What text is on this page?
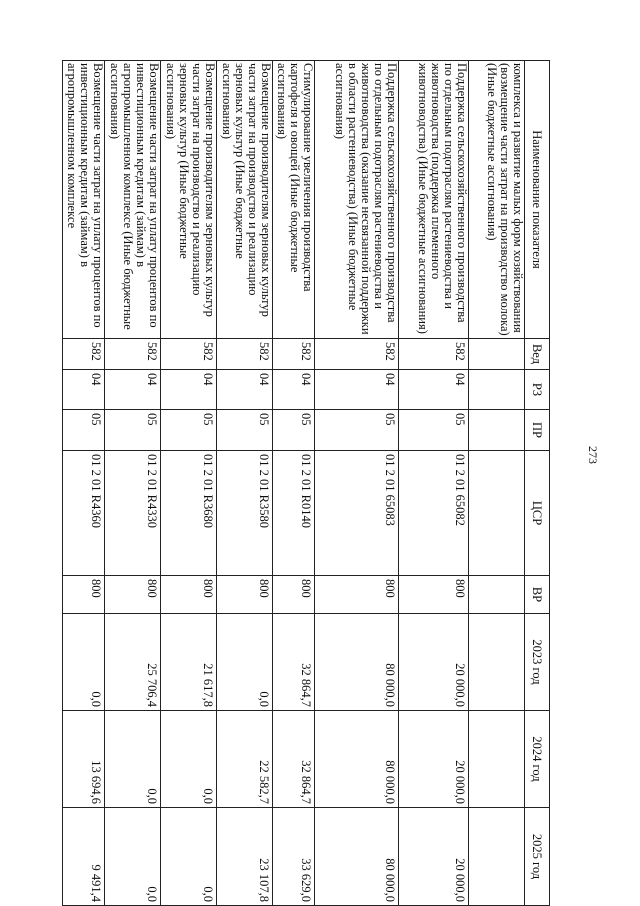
273
Наименование показателя	Вед	РЗ	ПР	ЦСР	ВР	2023 год	2024 год	2025 год
комплекса и развитие малых форм хозяйствования (возмещение части затрат на производство молока) (Иные бюджетные ассигнования)								
Поддержка сельскохозяйственного производства по отдельным подотраслям растениеводства и животноводства (поддержка племенного животноводства) (Иные бюджетные ассигнования)	582	04	05	01 2 01 65082	800	20 000,0	20 000,0	20 000,0
Поддержка сельскохозяйственного производства по отдельным подотраслям растениеводства и животноводства (оказание несвязанной поддержки в области растениеводства) (Иные бюджетные ассигнования)	582	04	05	01 2 01 65083	800	80 000,0	80 000,0	80 000,0
Стимулирование увеличения производства картофеля и овощей (Иные бюджетные ассигнования)	582	04	05	01 2 01 R0140	800	32 864,7	32 864,7	33 629,0
Возмещение производителям зерновых культур части затрат на производство и реализацию зерновых культур (Иные бюджетные ассигнования)	582	04	05	01 2 01 R3580	800	0,0	22 582,7	23 107,8
Возмещение производителям зерновых культур части затрат на производство и реализацию зерновых культур (Иные бюджетные ассигнования)	582	04	05	01 2 01 R3680	800	21 617,8	0,0	0,0
Возмещение части затрат на уплату процентов по инвестиционным кредитам (займам) в агропромышленном комплексе (Иные бюджетные ассигнования)	582	04	05	01 2 01 R4330	800	25 706,4	0,0	0,0
Возмещение части затрат на уплату процентов по инвестиционным кредитам (займам) в агропромышленном комплексе	582	04	05	01 2 01 R4360	800	0,0	13 694,6	9 491,4
